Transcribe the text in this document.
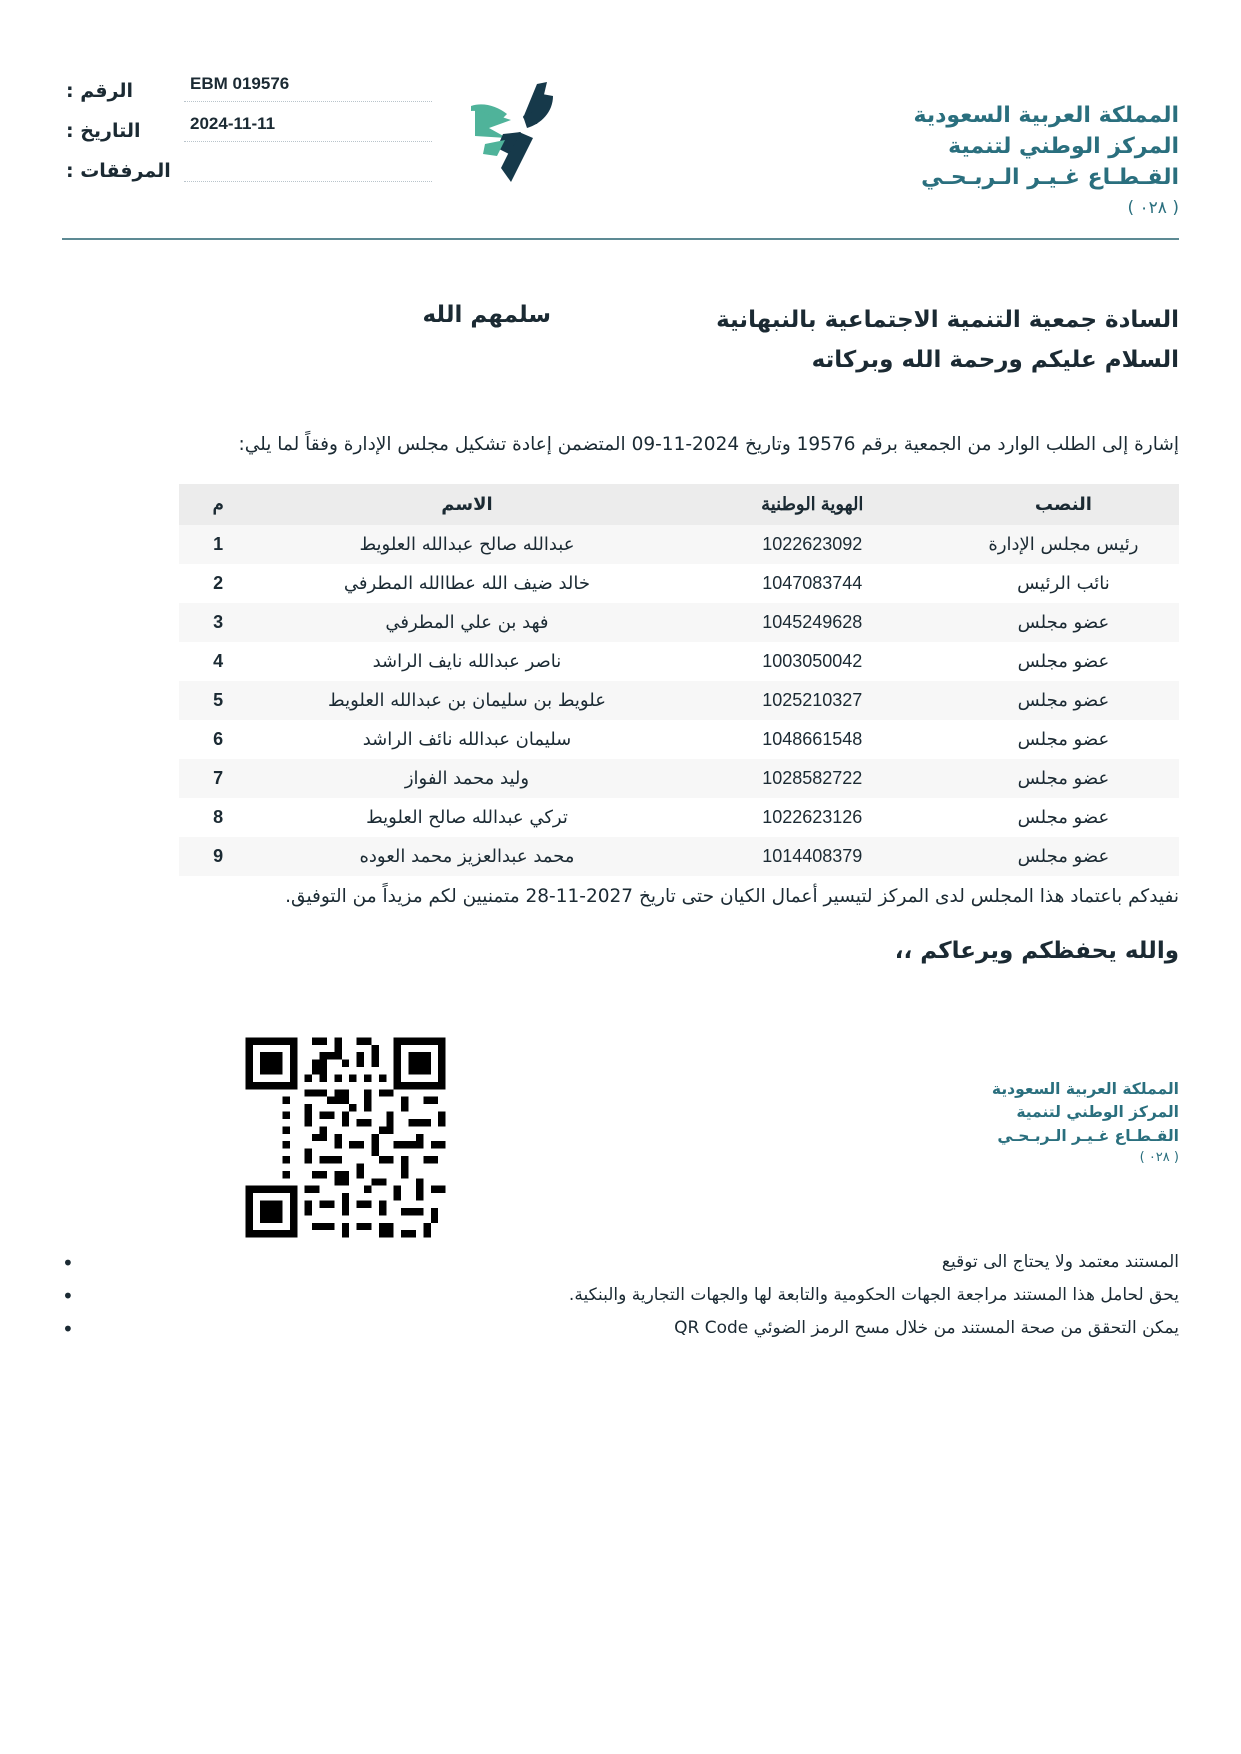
المملكة العربية السعودية
المركز الوطني لتنمية
القـطـاع غـيـر الـربـحـي
( ٠٢٨ )
EBM 019576
الرقم :
2024-11-11
التاريخ :
المرفقات :
السادة جمعية التنمية الاجتماعية بالنبهانية
السلام عليكم ورحمة الله وبركاته
سلمهم الله
إشارة إلى الطلب الوارد من الجمعية برقم 19576 وتاريخ 2024-11-09 المتضمن إعادة تشكيل مجلس الإدارة وفقاً لما يلي:
النصب	الهوية الوطنية	الاسم	م
رئيس مجلس الإدارة	1022623092	عبدالله صالح عبدالله العلويط	1
نائب الرئيس	1047083744	خالد ضيف الله عطاالله المطرفي	2
عضو مجلس	1045249628	فهد بن علي المطرفي	3
عضو مجلس	1003050042	ناصر عبدالله نايف الراشد	4
عضو مجلس	1025210327	علويط بن سليمان بن عبدالله العلويط	5
عضو مجلس	1048661548	سليمان عبدالله نائف الراشد	6
عضو مجلس	1028582722	وليد محمد الفواز	7
عضو مجلس	1022623126	تركي عبدالله صالح العلويط	8
عضو مجلس	1014408379	محمد عبدالعزيز محمد العوده	9
نفيدكم باعتماد هذا المجلس لدى المركز لتيسير أعمال الكيان حتى تاريخ 2027-11-28 متمنيين لكم مزيداً من التوفيق.
والله يحفظكم ويرعاكم ،،
المملكة العربية السعودية
المركز الوطني لتنمية
القـطـاع غـيـر الـربـحـي
( ٠٢٨ )
المستند معتمد ولا يحتاج الى توقيع •
يحق لحامل هذا المستند مراجعة الجهات الحكومية والتابعة لها والجهات التجارية والبنكية. •
يمكن التحقق من صحة المستند من خلال مسح الرمز الضوئي QR Code •
